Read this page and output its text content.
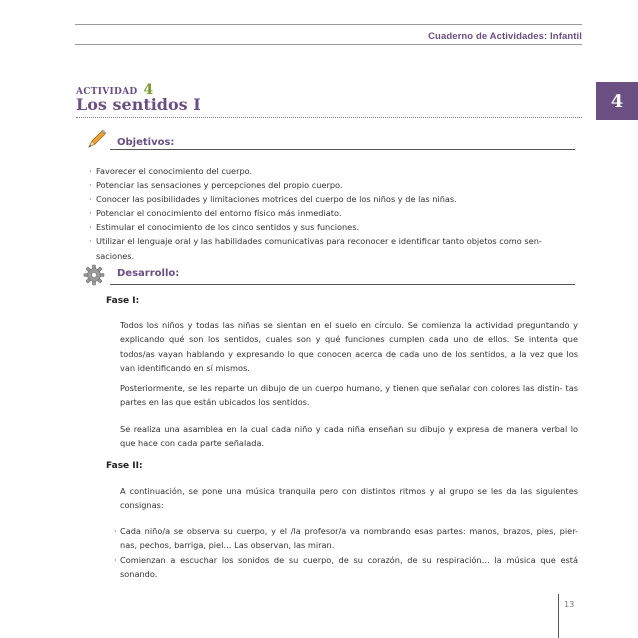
Cuaderno de Actividades: Infantil
ACTIVIDAD 4
Los sentidos I	4
Objetivos:
· Favorecer el conocimiento del cuerpo.
· Potenciar las sensaciones y percepciones del propio cuerpo.
· Conocer las posibilidades y limitaciones motrices del cuerpo de los niños y de las niñas.
· Potenciar el conocimiento del entorno físico más inmediato.
· Estimular el conocimiento de los cinco sentidos y sus funciones.
· Utilizar el lenguaje oral y las habilidades comunicativas para reconocer e identificar tanto objetos como sen- saciones.
Desarrollo:
Fase I:
Todos los niños y todas las niñas se sientan en el suelo en círculo. Se comienza la actividad preguntando y explicando qué son los sentidos, cuales son y qué funciones cumplen cada uno de ellos. Se intenta que todos/as vayan hablando y expresando lo que conocen acerca de cada uno de los sentidos, a la vez que los van identificando en sí mismos.
Posteriormente, se les reparte un dibujo de un cuerpo humano, y tienen que señalar con colores las distin- tas partes en las que están ubicados los sentidos.
Se realiza una asamblea en la cual cada niño y cada niña enseñan su dibujo y expresa de manera verbal lo que hace con cada parte señalada.
Fase II:
A continuación, se pone una música tranquila pero con distintos ritmos y al grupo se les da las siguientes consignas:
· Cada niño/a se observa su cuerpo, y el /la profesor/a va nombrando esas partes: manos, brazos, pies, pier- nas, pechos, barriga, piel… Las observan, las miran.
· Comienzan a escuchar los sonidos de su cuerpo, de su corazón, de su respiración… la música que está sonando.
13
